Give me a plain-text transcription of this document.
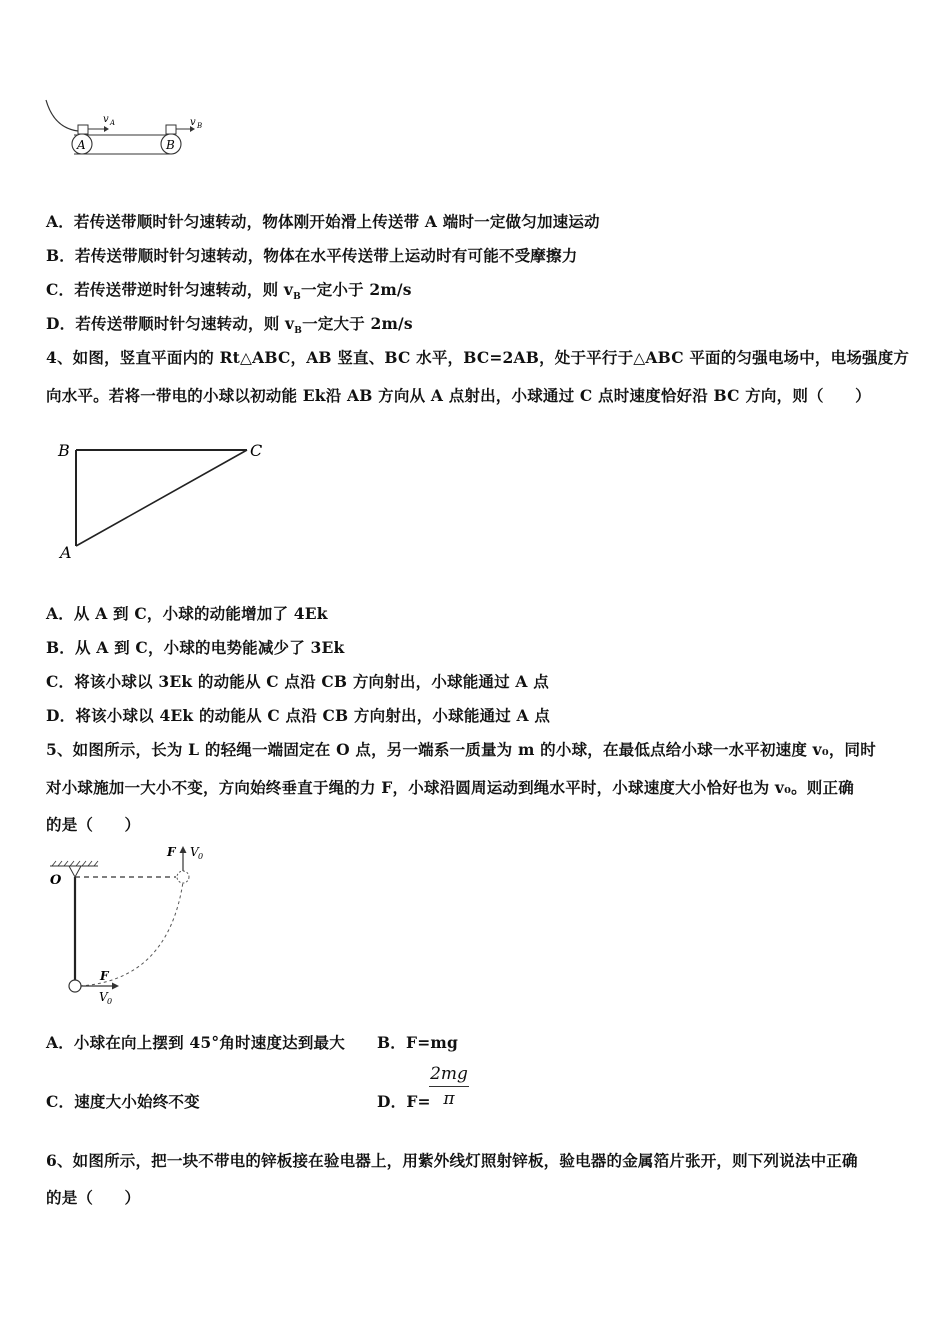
v A	v B
A	B
A．若传送带顺时针匀速转动，物体刚开始滑上传送带 A 端时一定做匀加速运动
B．若传送带顺时针匀速转动，物体在水平传送带上运动时有可能不受摩擦力
C．若传送带逆时针匀速转动，则 $v_B$一定小于 2m/s
D．若传送带顺时针匀速转动，则 $v_B$一定大于 2m/s
4、如图，竖直平面内的 Rt△ABC，AB 竖直、BC 水平，BC=2AB，处于平行于△ABC 平面的匀强电场中，电场强度方
向水平。若将一带电的小球以初动能 Ek沿 AB 方向从 A 点射出，小球通过 C 点时速度恰好沿 BC 方向，则（　　）
B	C
A
A．从 A 到 C，小球的动能增加了 4Ek
B．从 A 到 C，小球的电势能减少了 3Ek
C．将该小球以 3Ek 的动能从 C 点沿 CB 方向射出，小球能通过 A 点
D．将该小球以 4Ek 的动能从 C 点沿 CB 方向射出，小球能通过 A 点
5、如图所示，长为 L 的轻绳一端固定在 O 点，另一端系一质量为 m 的小球，在最低点给小球一水平初速度 v₀，同时
对小球施加一大小不变，方向始终垂直于绳的力 F，小球沿圆周运动到绳水平时，小球速度大小恰好也为 v₀。则正确
的是（　　）
F V 0
O
F
V 0
A．小球在向上摆到 45°角时速度达到最大 B．F=mg
C．速度大小始终不变	D．F=
$\frac{2mg}{\pi}$
6、如图所示，把一块不带电的锌板接在验电器上，用紫外线灯照射锌板，验电器的金属箔片张开，则下列说法中正确
的是（　　）
